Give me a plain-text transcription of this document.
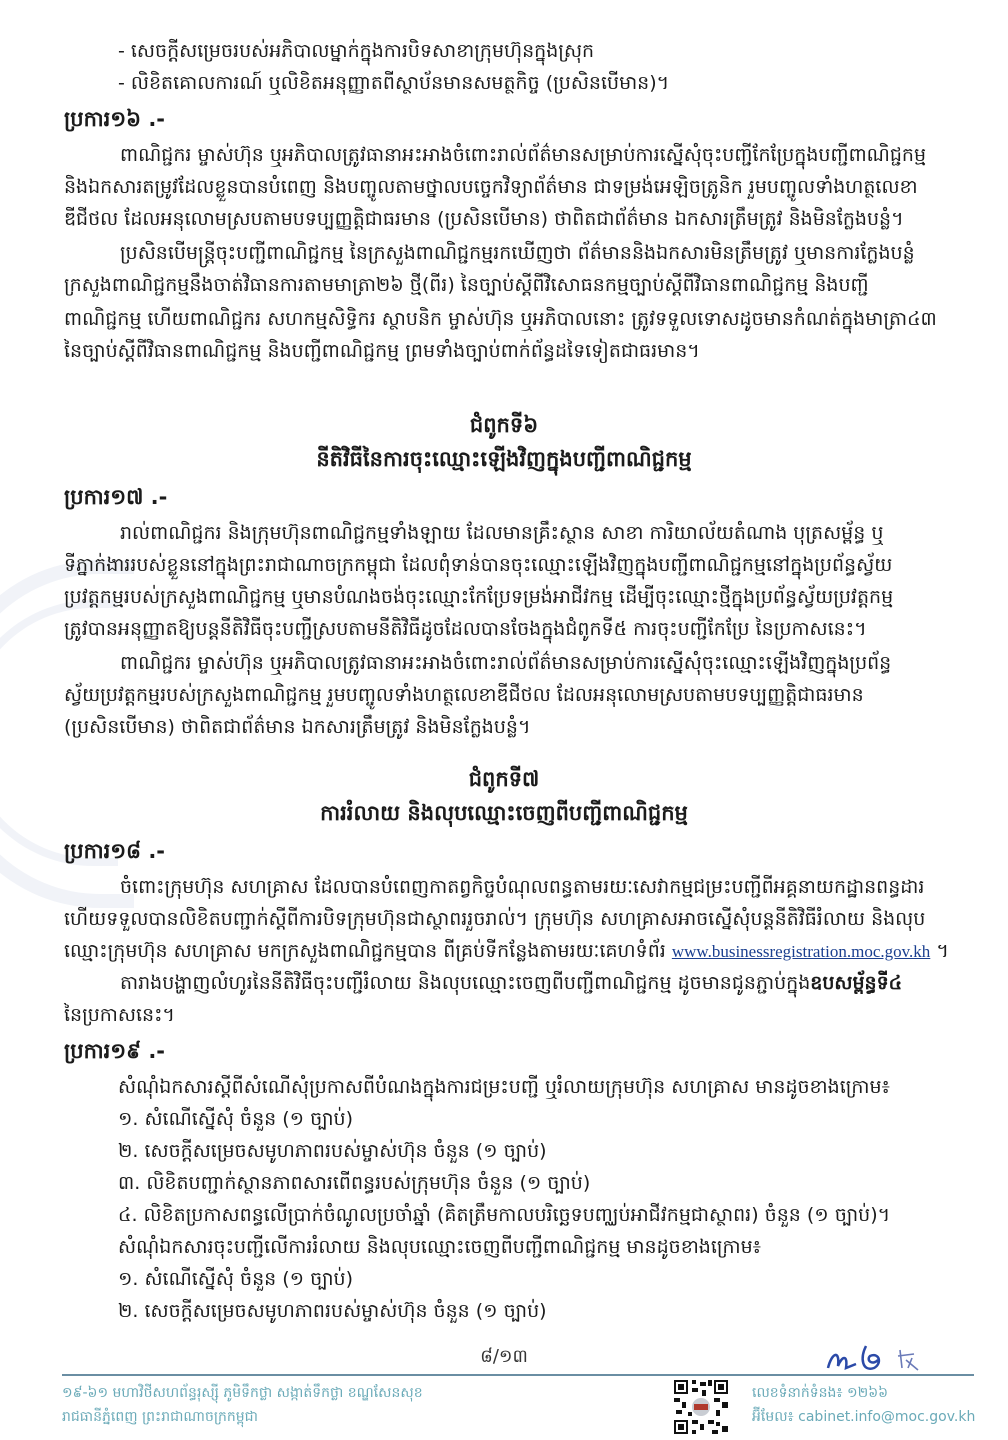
- សេចក្ដីសម្រេចរបស់អភិបាលម្នាក់ក្នុងការបិទសាខាក្រុមហ៊ុនក្នុងស្រុក
- លិខិតគោលការណ៍ ឬលិខិតអនុញ្ញាតពីស្ថាប័នមានសមត្ថកិច្ច (ប្រសិនបើមាន)។
ប្រការ១៦ .-
ពាណិជ្ជករ ម្ចាស់ហ៊ុន ឬអភិបាលត្រូវធានាអះអាងចំពោះរាល់ព័ត៌មានសម្រាប់ការស្នើសុំចុះបញ្ជីកែប្រែក្នុងបញ្ជីពាណិជ្ជកម្ម
និងឯកសារតម្រូវដែលខ្លួនបានបំពេញ និងបញ្ចូលតាមថ្នាលបច្ចេកវិទ្យាព័ត៌មាន ជាទម្រង់អេឡិចត្រូនិក រួមបញ្ចូលទាំងហត្ថលេខា
ឌីជីថល ដែលអនុលោមស្របតាមបទប្បញ្ញត្តិជាធរមាន (ប្រសិនបើមាន) ថាពិតជាព័ត៌មាន ឯកសារត្រឹមត្រូវ និងមិនក្លែងបន្លំ។
ប្រសិនបើមន្ត្រីចុះបញ្ជីពាណិជ្ជកម្ម នៃក្រសួងពាណិជ្ជកម្មរកឃើញថា ព័ត៌មាននិងឯកសារមិនត្រឹមត្រូវ ឬមានការក្លែងបន្លំ
ក្រសួងពាណិជ្ជកម្មនឹងចាត់វិធានការតាមមាត្រា២៦ ថ្មី(ពីរ) នៃច្បាប់ស្ដីពីវិសោធនកម្មច្បាប់ស្ដីពីវិធានពាណិជ្ជកម្ម និងបញ្ជី
ពាណិជ្ជកម្ម ហើយពាណិជ្ជករ សហកម្មសិទ្ធិករ ស្ថាបនិក ម្ចាស់ហ៊ុន ឬអភិបាលនោះ ត្រូវទទួលទោសដូចមានកំណត់ក្នុងមាត្រា៤៣
នៃច្បាប់ស្ដីពីវិធានពាណិជ្ជកម្ម និងបញ្ជីពាណិជ្ជកម្ម ព្រមទាំងច្បាប់ពាក់ព័ន្ធដទៃទៀតជាធរមាន។
ជំពូកទី៦
នីតិវិធីនៃការចុះឈ្មោះឡើងវិញក្នុងបញ្ជីពាណិជ្ជកម្ម
ប្រការ១៧ .-
រាល់ពាណិជ្ជករ និងក្រុមហ៊ុនពាណិជ្ជកម្មទាំងឡាយ ដែលមានគ្រឹះស្ថាន សាខា ការិយាល័យតំណាង បុត្រសម្ព័ន្ធ ឬ
ទីភ្នាក់ងាររបស់ខ្លួននៅក្នុងព្រះរាជាណាចក្រកម្ពុជា ដែលពុំទាន់បានចុះឈ្មោះឡើងវិញក្នុងបញ្ជីពាណិជ្ជកម្មនៅក្នុងប្រព័ន្ធស្វ័យ
ប្រវត្តកម្មរបស់ក្រសួងពាណិជ្ជកម្ម ឬមានបំណងចង់ចុះឈ្មោះកែប្រែទម្រង់អាជីវកម្ម ដើម្បីចុះឈ្មោះថ្មីក្នុងប្រព័ន្ធស្វ័យប្រវត្តកម្ម
ត្រូវបានអនុញ្ញាតឱ្យបន្តនីតិវិធីចុះបញ្ជីស្របតាមនីតិវិធីដូចដែលបានចែងក្នុងជំពូកទី៥ ការចុះបញ្ជីកែប្រែ នៃប្រកាសនេះ។
ពាណិជ្ជករ ម្ចាស់ហ៊ុន ឬអភិបាលត្រូវធានាអះអាងចំពោះរាល់ព័ត៌មានសម្រាប់ការស្នើសុំចុះឈ្មោះឡើងវិញក្នុងប្រព័ន្ធ
ស្វ័យប្រវត្តកម្មរបស់ក្រសួងពាណិជ្ជកម្ម រួមបញ្ចូលទាំងហត្ថលេខាឌីជីថល ដែលអនុលោមស្របតាមបទប្បញ្ញត្តិជាធរមាន
(ប្រសិនបើមាន) ថាពិតជាព័ត៌មាន ឯកសារត្រឹមត្រូវ និងមិនក្លែងបន្លំ។
ជំពូកទី៧
ការរំលាយ និងលុបឈ្មោះចេញពីបញ្ជីពាណិជ្ជកម្ម
ប្រការ១៨ .-
ចំពោះក្រុមហ៊ុន សហគ្រាស ដែលបានបំពេញកាតព្វកិច្ចបំណុលពន្ធតាមរយៈសេវាកម្មជម្រះបញ្ជីពីអគ្គនាយកដ្ឋានពន្ធដារ
ហើយទទួលបានលិខិតបញ្ជាក់ស្ដីពីការបិទក្រុមហ៊ុនជាស្ថាពររួចរាល់។ ក្រុមហ៊ុន សហគ្រាសអាចស្នើសុំបន្តនីតិវិធីរំលាយ និងលុប
ឈ្មោះក្រុមហ៊ុន សហគ្រាស មកក្រសួងពាណិជ្ជកម្មបាន ពីគ្រប់ទីកន្លែងតាមរយៈគេហទំព័រ www.businessregistration.moc.gov.kh ។
តារាងបង្ហាញលំហូរនៃនីតិវិធីចុះបញ្ជីរំលាយ និងលុបឈ្មោះចេញពីបញ្ជីពាណិជ្ជកម្ម ដូចមានជូនភ្ជាប់ក្នុងឧបសម្ព័ន្ធទី៤
នៃប្រកាសនេះ។
ប្រការ១៩ .-
សំណុំឯកសារស្ដីពីសំណើសុំប្រកាសពីបំណងក្នុងការជម្រះបញ្ជី ឬរំលាយក្រុមហ៊ុន សហគ្រាស មានដូចខាងក្រោម៖
១. សំណើស្នើសុំ ចំនួន (១ ច្បាប់)
២. សេចក្ដីសម្រេចសមូហភាពរបស់ម្ចាស់ហ៊ុន ចំនួន (១ ច្បាប់)
៣. លិខិតបញ្ជាក់ស្ថានភាពសារពើពន្ធរបស់ក្រុមហ៊ុន ចំនួន (១ ច្បាប់)
៤. លិខិតប្រកាសពន្ធលើប្រាក់ចំណូលប្រចាំឆ្នាំ (គិតត្រឹមកាលបរិច្ឆេទបញ្ឈប់អាជីវកម្មជាស្ថាពរ) ចំនួន (១ ច្បាប់)។
សំណុំឯកសារចុះបញ្ជីលើការរំលាយ និងលុបឈ្មោះចេញពីបញ្ជីពាណិជ្ជកម្ម មានដូចខាងក្រោម៖
១. សំណើស្នើសុំ ចំនួន (១ ច្បាប់)
២. សេចក្ដីសម្រេចសមូហភាពរបស់ម្ចាស់ហ៊ុន ចំនួន (១ ច្បាប់)
៨/១៣
១៩-៦១ មហាវិថីសហព័ន្ធរុស្ស៊ី ភូមិទឹកថ្លា សង្កាត់ទឹកថ្លា ខណ្ឌសែនសុខ
រាជធានីភ្នំពេញ ព្រះរាជាណាចក្រកម្ពុជា
លេខទំនាក់ទំនង៖ ១២៦៦
អ៊ីមែល៖ cabinet.info@moc.gov.kh
